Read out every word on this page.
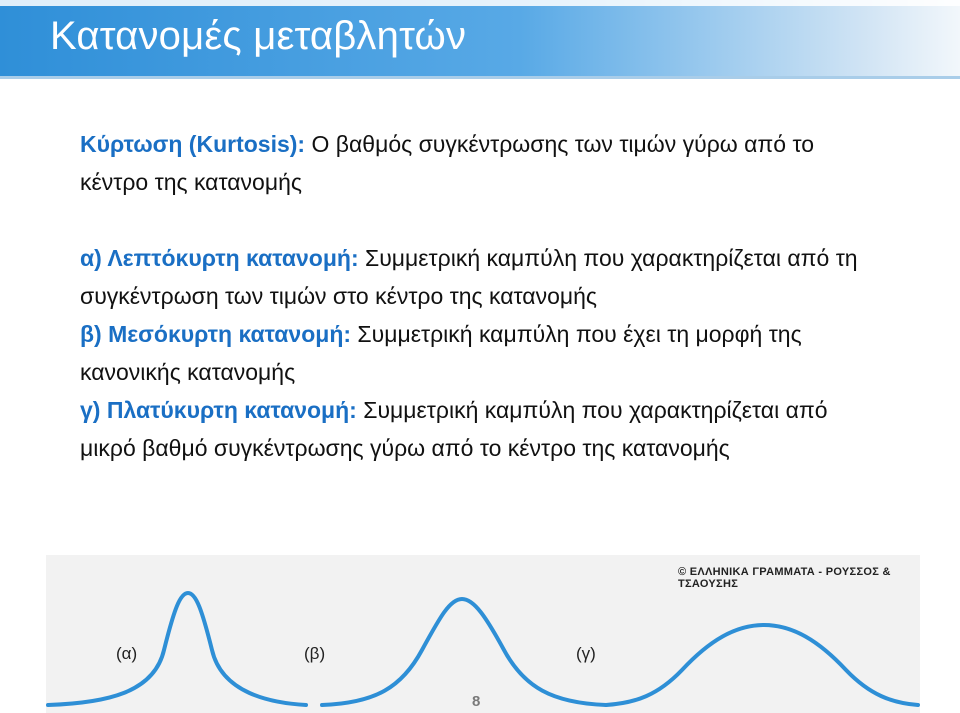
Κατανομές μεταβλητών

Κύρτωση (Kurtosis): Ο βαθμός συγκέντρωσης των τιμών γύρω από το κέντρο της κατανομής

α) Λεπτόκυρτη κατανομή: Συμμετρική καμπύλη που χαρακτηρίζεται από τη συγκέντρωση των τιμών στο κέντρο της κατανομής

β) Μεσόκυρτη κατανομή: Συμμετρική καμπύλη που έχει τη μορφή της κανονικής κατανομής

γ) Πλατύκυρτη κατανομή: Συμμετρική καμπύλη που χαρακτηρίζεται από μικρό βαθμό συγκέντρωσης γύρω από το κέντρο της κατανομής

© ΕΛΛΗΝΙΚΑ ΓΡΑΜΜΑΤΑ - ΡΟΥΣΣΟΣ & ΤΣΑΟΥΣΗΣ
(α)	(β)	(γ)
8
